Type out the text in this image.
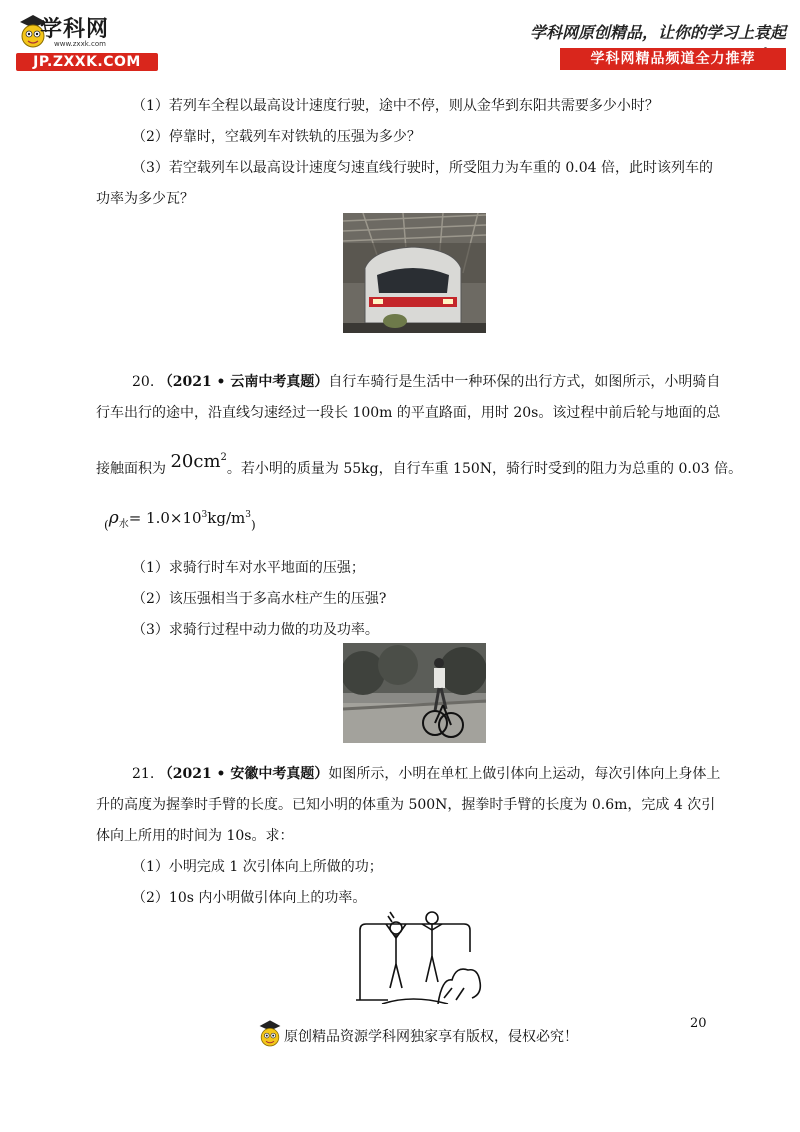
学科网
www.zxxk.com
JP.ZXXK.COM
学科网原创精品，让你的学习上袁起
学科网精品频道全力推荐
（1）若列车全程以最高设计速度行驶，途中不停，则从金华到东阳共需要多少小时？
（2）停靠时，空载列车对铁轨的压强为多少？
（3）若空载列车以最高设计速度匀速直线行驶时，所受阻力为车重的 0.04 倍，此时该列车的
功率为多少瓦？
20. （2021 • 云南中考真题）自行车骑行是生活中一种环保的出行方式，如图所示，小明骑自
行车出行的途中，沿直线匀速经过一段长 100m 的平直路面，用时 20s。该过程中前后轮与地面的总
接触面积为 $20cm^2$。若小明的质量为 55kg，自行车重 150N，骑行时受到的阻力为总重的 0.03 倍。
$_(\rho_水= 1.0\times 10^3kg/m^3_)$
（1）求骑行时车对水平地面的压强；
（2）该压强相当于多高水柱产生的压强?
（3）求骑行过程中动力做的功及功率。
21. （2021 • 安徽中考真题）如图所示，小明在单杠上做引体向上运动，每次引体向上身体上
升的高度为握拳时手臂的长度。已知小明的体重为 500N，握拳时手臂的长度为 0.6m，完成 4 次引
体向上所用的时间为 10s。求：
（1）小明完成 1 次引体向上所做的功；
（2）10s 内小明做引体向上的功率。
20
原创精品资源学科网独家享有版权，侵权必究！
